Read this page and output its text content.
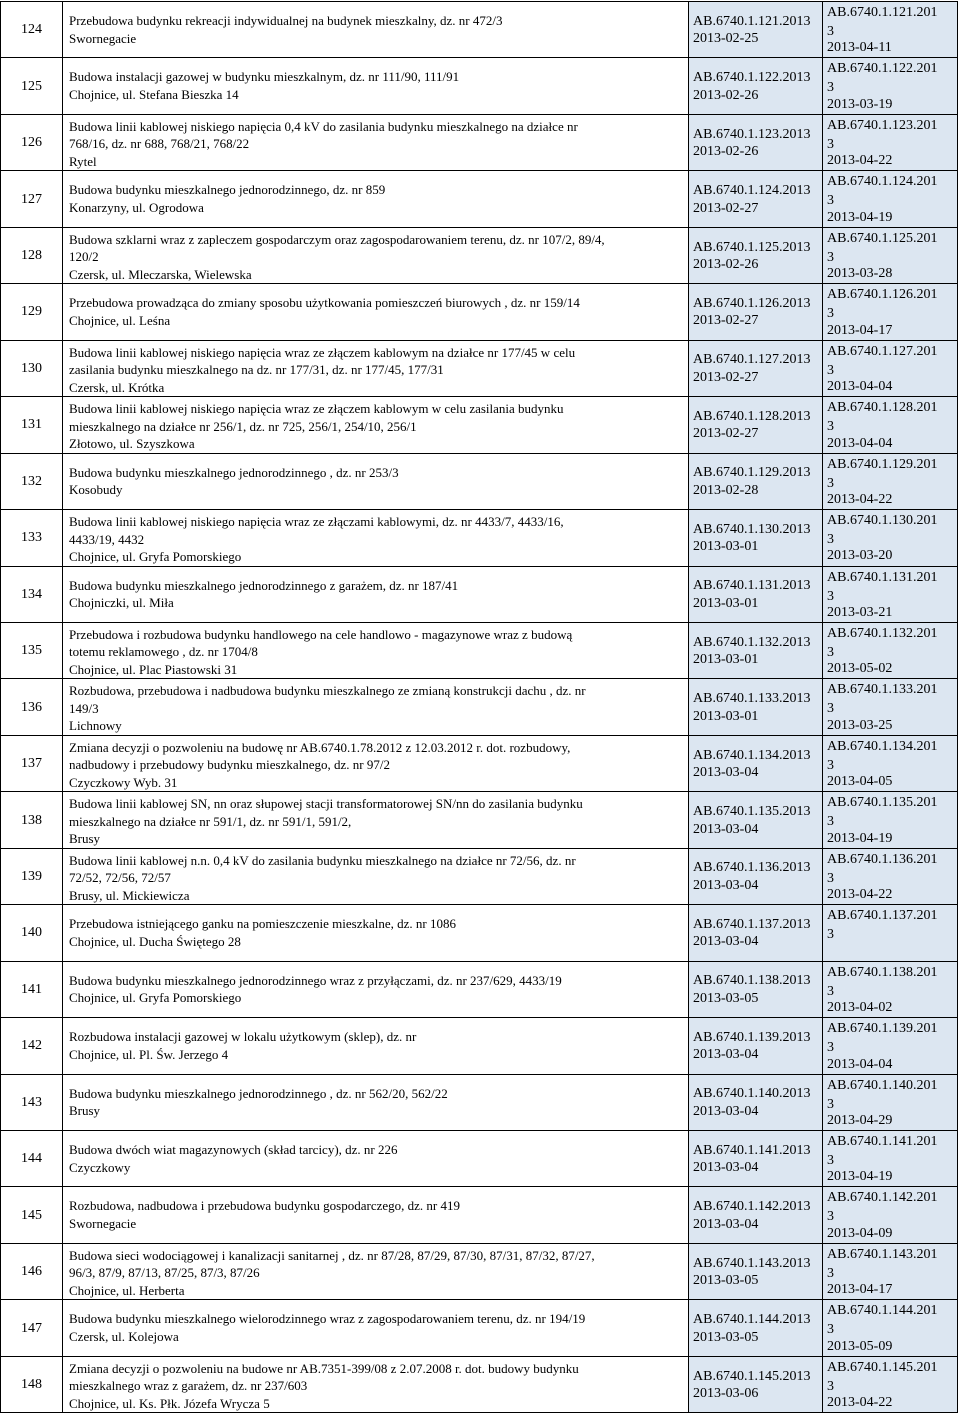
124
Przebudowa budynku rekreacji indywidualnej na budynek mieszkalny, dz. nr 472/3
Swornegacie
AB.6740.1.121.2013
2013-02-25
AB.6740.1.121.201
3
2013-04-11
125
Budowa instalacji gazowej w budynku mieszkalnym, dz. nr 111/90, 111/91
Chojnice, ul. Stefana Bieszka 14
AB.6740.1.122.2013
2013-02-26
AB.6740.1.122.201
3
2013-03-19
126
Budowa linii kablowej niskiego napięcia 0,4 kV do zasilania budynku mieszkalnego na działce nr
768/16, dz. nr 688, 768/21, 768/22
Rytel
AB.6740.1.123.2013
2013-02-26
AB.6740.1.123.201
3
2013-04-22
127
Budowa budynku mieszkalnego jednorodzinnego, dz. nr 859
Konarzyny, ul. Ogrodowa
AB.6740.1.124.2013
2013-02-27
AB.6740.1.124.201
3
2013-04-19
128
Budowa szklarni wraz z zapleczem gospodarczym oraz zagospodarowaniem terenu, dz. nr 107/2, 89/4,
120/2
Czersk, ul. Mleczarska, Wielewska
AB.6740.1.125.2013
2013-02-26
AB.6740.1.125.201
3
2013-03-28
129
Przebudowa prowadząca do zmiany sposobu użytkowania pomieszczeń biurowych , dz. nr 159/14
Chojnice, ul. Leśna
AB.6740.1.126.2013
2013-02-27
AB.6740.1.126.201
3
2013-04-17
130
Budowa linii kablowej niskiego napięcia wraz ze złączem kablowym na działce nr 177/45 w celu
zasilania budynku mieszkalnego na dz. nr 177/31, dz. nr 177/45, 177/31
Czersk, ul. Krótka
AB.6740.1.127.2013
2013-02-27
AB.6740.1.127.201
3
2013-04-04
131
Budowa linii kablowej niskiego napięcia wraz ze złączem kablowym w celu zasilania budynku
mieszkalnego na działce nr 256/1, dz. nr 725, 256/1, 254/10, 256/1
Złotowo, ul. Szyszkowa
AB.6740.1.128.2013
2013-02-27
AB.6740.1.128.201
3
2013-04-04
132
Budowa budynku mieszkalnego jednorodzinnego , dz. nr 253/3
Kosobudy
AB.6740.1.129.2013
2013-02-28
AB.6740.1.129.201
3
2013-04-22
133
Budowa linii kablowej niskiego napięcia wraz ze złączami kablowymi, dz. nr 4433/7, 4433/16,
4433/19, 4432
Chojnice, ul. Gryfa Pomorskiego
AB.6740.1.130.2013
2013-03-01
AB.6740.1.130.201
3
2013-03-20
134
Budowa budynku mieszkalnego jednorodzinnego z garażem, dz. nr 187/41
Chojniczki, ul. Miła
AB.6740.1.131.2013
2013-03-01
AB.6740.1.131.201
3
2013-03-21
135
Przebudowa i rozbudowa budynku handlowego na cele handlowo - magazynowe wraz z budową
totemu reklamowego , dz. nr 1704/8
Chojnice, ul. Plac Piastowski 31
AB.6740.1.132.2013
2013-03-01
AB.6740.1.132.201
3
2013-05-02
136
Rozbudowa, przebudowa i nadbudowa budynku mieszkalnego ze zmianą konstrukcji dachu , dz. nr
149/3
Lichnowy
AB.6740.1.133.2013
2013-03-01
AB.6740.1.133.201
3
2013-03-25
137
Zmiana decyzji o pozwoleniu na budowę nr AB.6740.1.78.2012 z 12.03.2012 r. dot. rozbudowy,
nadbudowy i przebudowy budynku mieszkalnego, dz. nr 97/2
Czyczkowy Wyb. 31
AB.6740.1.134.2013
2013-03-04
AB.6740.1.134.201
3
2013-04-05
138
Budowa linii kablowej SN, nn oraz słupowej stacji transformatorowej SN/nn do zasilania budynku
mieszkalnego na działce nr 591/1, dz. nr 591/1, 591/2,
Brusy
AB.6740.1.135.2013
2013-03-04
AB.6740.1.135.201
3
2013-04-19
139
Budowa linii kablowej n.n. 0,4 kV do zasilania budynku mieszkalnego na działce nr 72/56, dz. nr
72/52, 72/56, 72/57
Brusy, ul. Mickiewicza
AB.6740.1.136.2013
2013-03-04
AB.6740.1.136.201
3
2013-04-22
140
Przebudowa istniejącego ganku na pomieszczenie mieszkalne, dz. nr 1086
Chojnice, ul. Ducha Świętego 28
AB.6740.1.137.2013
2013-03-04
AB.6740.1.137.201
3
141
Budowa budynku mieszkalnego jednorodzinnego wraz z przyłączami, dz. nr 237/629, 4433/19
Chojnice, ul. Gryfa Pomorskiego
AB.6740.1.138.2013
2013-03-05
AB.6740.1.138.201
3
2013-04-02
142
Rozbudowa instalacji gazowej w lokalu użytkowym (sklep), dz. nr
Chojnice, ul. Pl. Św. Jerzego 4
AB.6740.1.139.2013
2013-03-04
AB.6740.1.139.201
3
2013-04-04
143
Budowa budynku mieszkalnego jednorodzinnego , dz. nr 562/20, 562/22
Brusy
AB.6740.1.140.2013
2013-03-04
AB.6740.1.140.201
3
2013-04-29
144
Budowa dwóch wiat magazynowych (skład tarcicy), dz. nr 226
Czyczkowy
AB.6740.1.141.2013
2013-03-04
AB.6740.1.141.201
3
2013-04-19
145
Rozbudowa, nadbudowa i przebudowa budynku gospodarczego, dz. nr 419
Swornegacie
AB.6740.1.142.2013
2013-03-04
AB.6740.1.142.201
3
2013-04-09
146
Budowa sieci wodociągowej i kanalizacji sanitarnej , dz. nr 87/28, 87/29, 87/30, 87/31, 87/32, 87/27,
96/3, 87/9, 87/13, 87/25, 87/3, 87/26
Chojnice, ul. Herberta
AB.6740.1.143.2013
2013-03-05
AB.6740.1.143.201
3
2013-04-17
147
Budowa budynku mieszkalnego wielorodzinnego wraz z zagospodarowaniem terenu, dz. nr 194/19
Czersk, ul. Kolejowa
AB.6740.1.144.2013
2013-03-05
AB.6740.1.144.201
3
2013-05-09
148
Zmiana decyzji o pozwoleniu na budowe nr AB.7351-399/08 z 2.07.2008 r. dot. budowy budynku
mieszkalnego wraz z garażem, dz. nr 237/603
Chojnice, ul. Ks. Płk. Józefa Wrycza 5
AB.6740.1.145.2013
2013-03-06
AB.6740.1.145.201
3
2013-04-22
